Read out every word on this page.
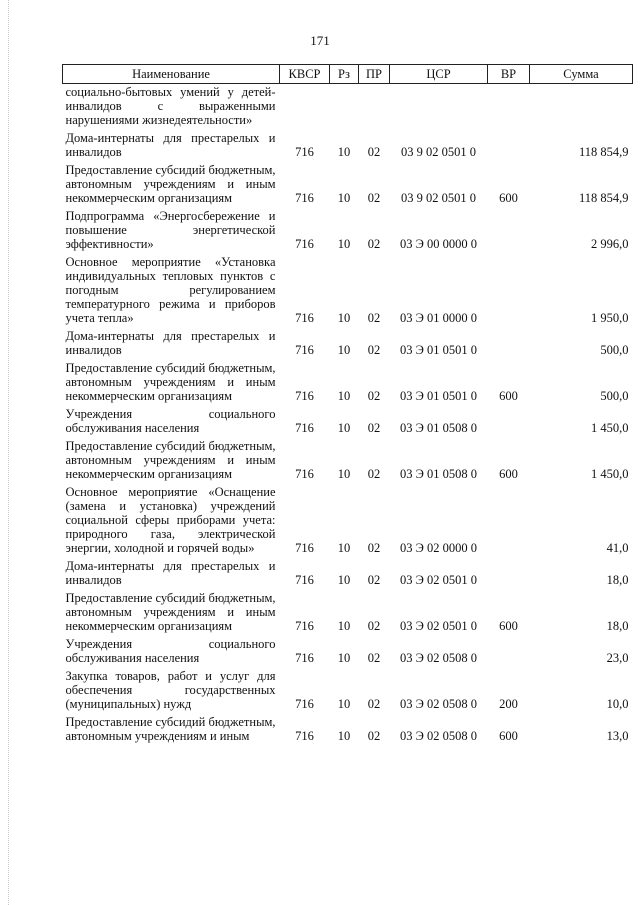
171
Наименование	КВСР	Рз	ПР	ЦСР	ВР	Сумма
социально-бытовых умений у детей-инвалидов с выраженными нарушениями жизнедеятельности»						
Дома-интернаты для престарелых и инвалидов	716	10	02	03 9 02 0501 0		118 854,9
Предоставление субсидий бюджетным, автономным учреждениям и иным некоммерческим организациям	716	10	02	03 9 02 0501 0	600	118 854,9
Подпрограмма «Энергосбережение и повышение энергетической эффективности»	716	10	02	03 Э 00 0000 0		2 996,0
Основное мероприятие «Установка индивидуальных тепловых пунктов с погодным регулированием температурного режима и приборов учета тепла»	716	10	02	03 Э 01 0000 0		1 950,0
Дома-интернаты для престарелых и инвалидов	716	10	02	03 Э 01 0501 0		500,0
Предоставление субсидий бюджетным, автономным учреждениям и иным некоммерческим организациям	716	10	02	03 Э 01 0501 0	600	500,0
Учреждения социального обслуживания населения	716	10	02	03 Э 01 0508 0		1 450,0
Предоставление субсидий бюджетным, автономным учреждениям и иным некоммерческим организациям	716	10	02	03 Э 01 0508 0	600	1 450,0
Основное мероприятие «Оснащение (замена и установка) учреждений социальной сферы приборами учета: природного газа, электрической энергии, холодной и горячей воды»	716	10	02	03 Э 02 0000 0		41,0
Дома-интернаты для престарелых и инвалидов	716	10	02	03 Э 02 0501 0		18,0
Предоставление субсидий бюджетным, автономным учреждениям и иным некоммерческим организациям	716	10	02	03 Э 02 0501 0	600	18,0
Учреждения социального обслуживания населения	716	10	02	03 Э 02 0508 0		23,0
Закупка товаров, работ и услуг для обеспечения государственных (муниципальных) нужд	716	10	02	03 Э 02 0508 0	200	10,0
Предоставление субсидий бюджетным, автономным учреждениям и иным	716	10	02	03 Э 02 0508 0	600	13,0
